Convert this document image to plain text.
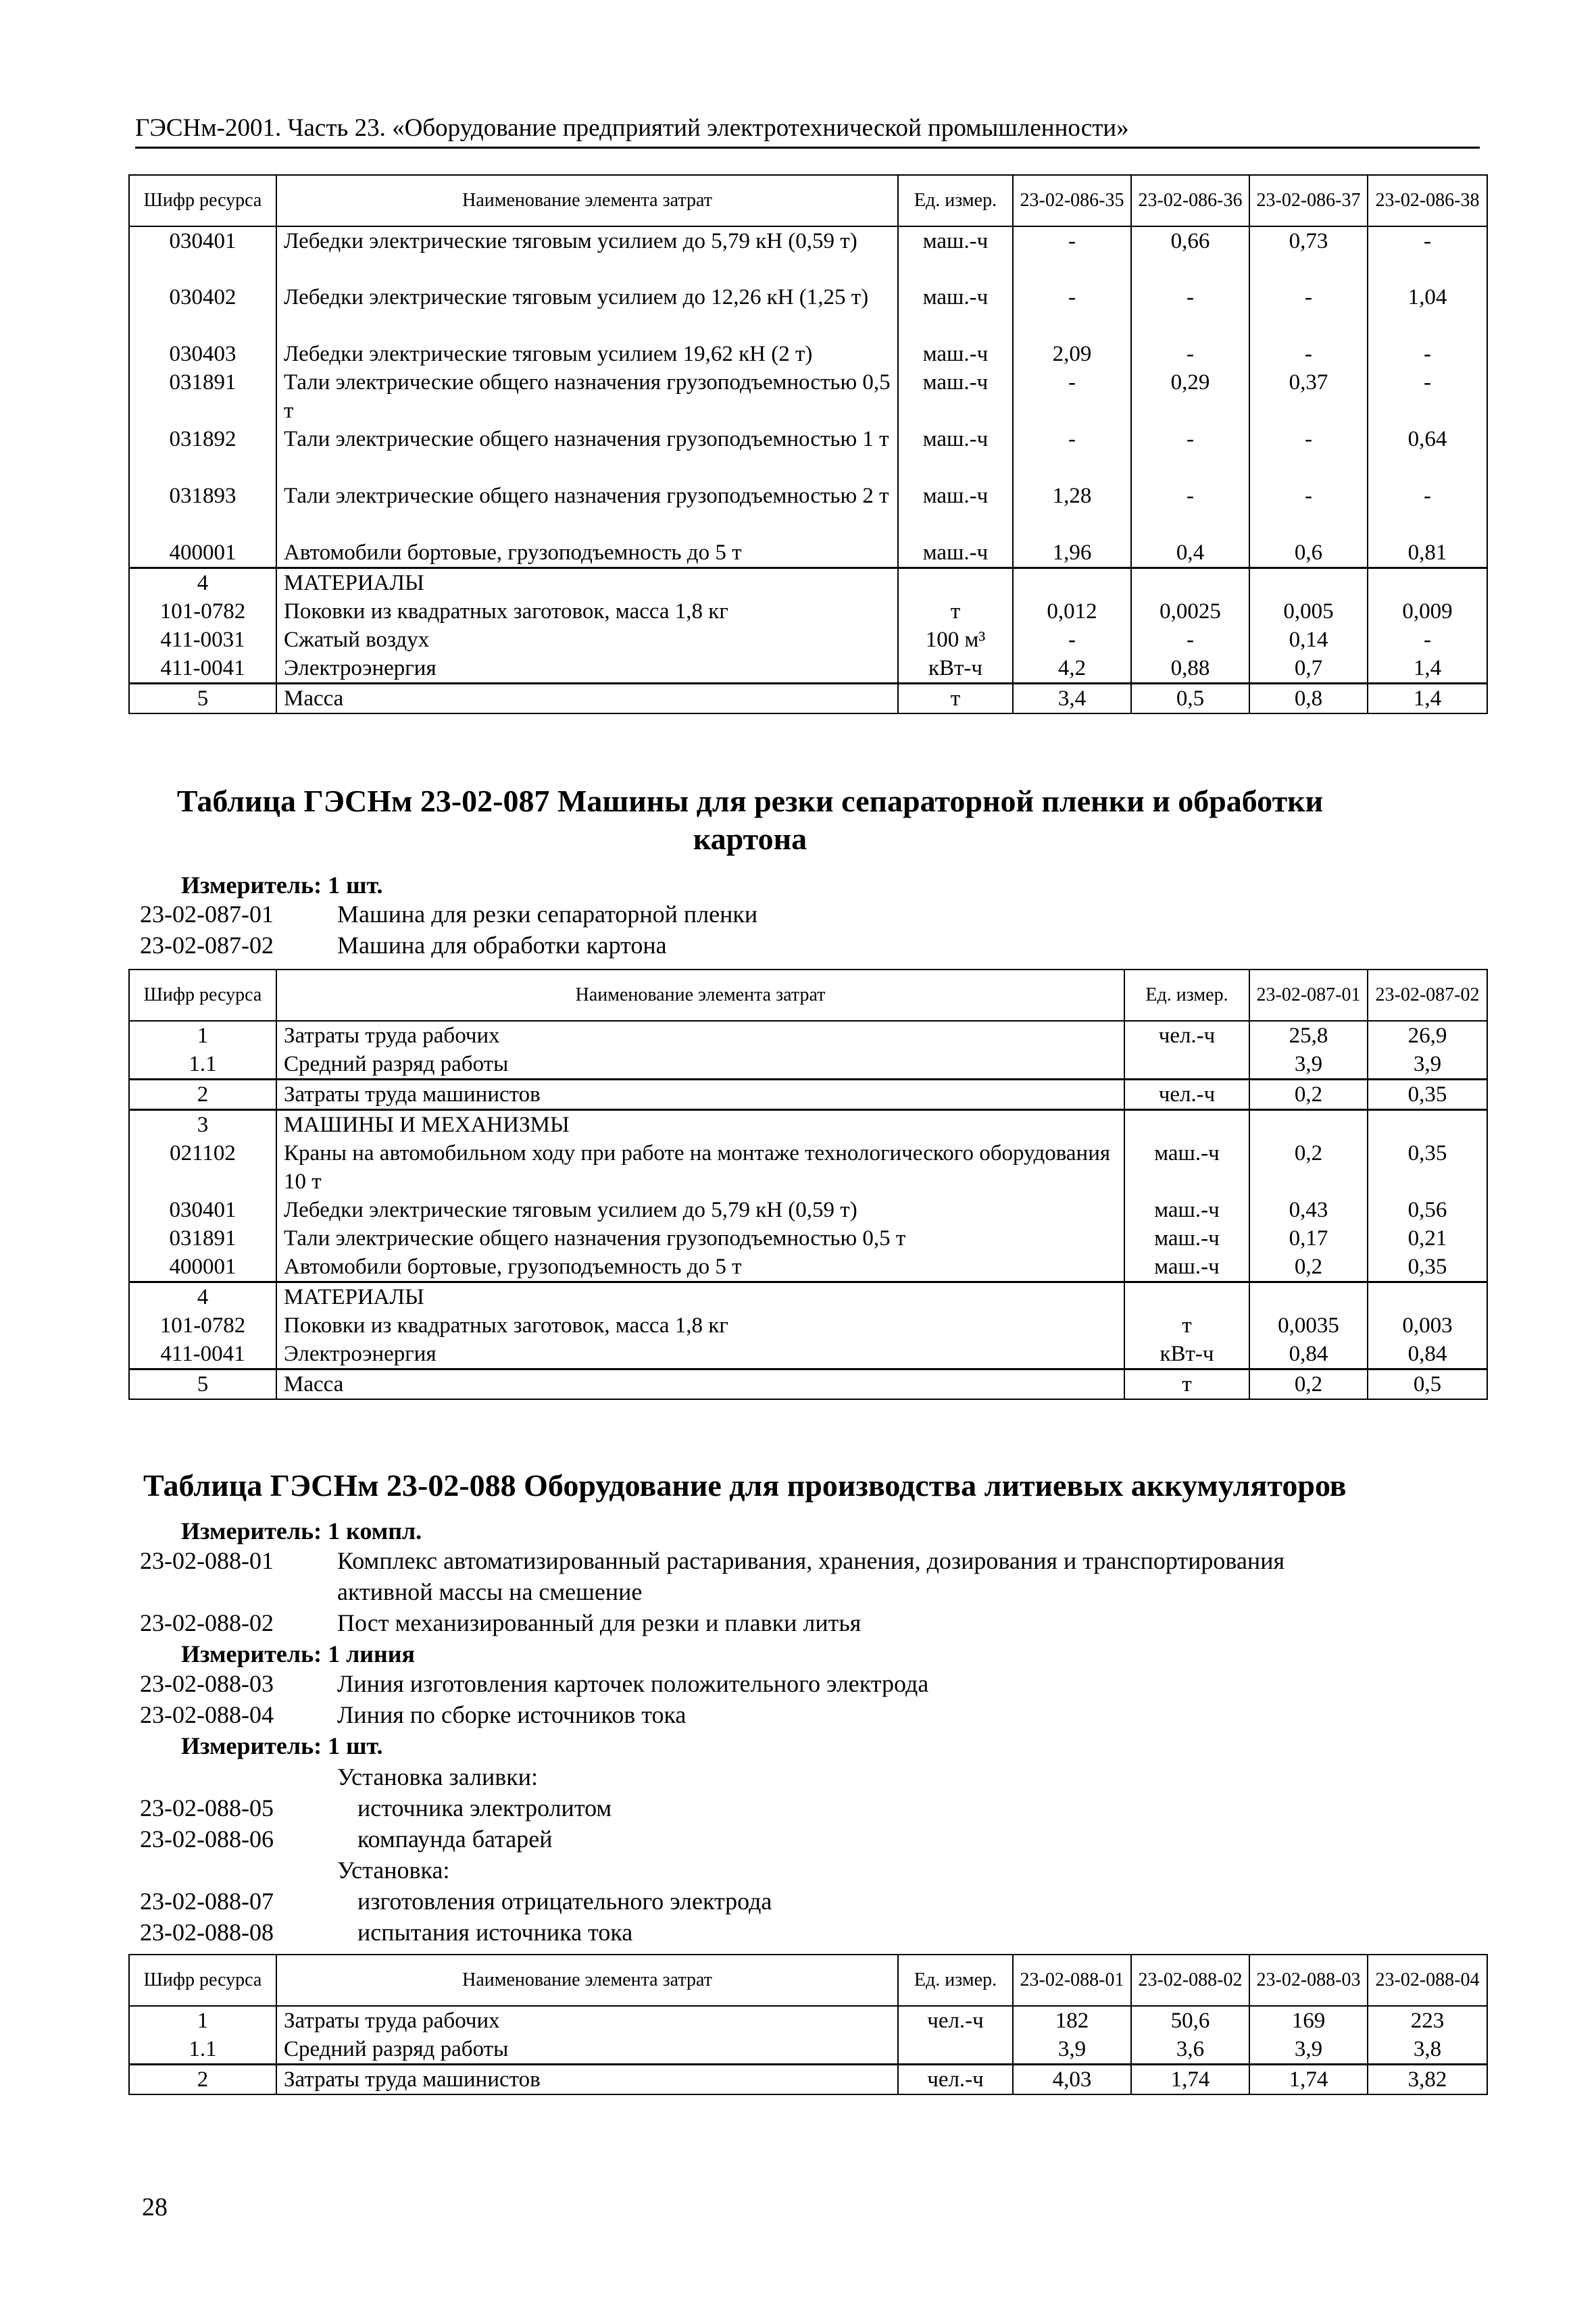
ГЭСНм-2001. Часть 23. «Оборудование предприятий электротехнической промышленности»
Шифр ресурса	Наименование элемента затрат	Ед. измер.	23-02-086-35	23-02-086-36	23-02-086-37	23-02-086-38
030401	Лебедки электрические тяговым усилием до 5,79 кН (0,59 т)	маш.-ч	-	0,66	0,73	-
030402	Лебедки электрические тяговым усилием до 12,26 кН (1,25 т)	маш.-ч	-	-	-	1,04
030403	Лебедки электрические тяговым усилием 19,62 кН (2 т)	маш.-ч	2,09	-	-	-
031891	Тали электрические общего назначения грузоподъемностью 0,5 т	маш.-ч	-	0,29	0,37	-
031892	Тали электрические общего назначения грузоподъемностью 1 т	маш.-ч	-	-	-	0,64
031893	Тали электрические общего назначения грузоподъемностью 2 т	маш.-ч	1,28	-	-	-
400001	Автомобили бортовые, грузоподъемность до 5 т	маш.-ч	1,96	0,4	0,6	0,81
4	МАТЕРИАЛЫ					
101-0782	Поковки из квадратных заготовок, масса 1,8 кг	т	0,012	0,0025	0,005	0,009
411-0031	Сжатый воздух	100 м³	-	-	0,14	-
411-0041	Электроэнергия	кВт-ч	4,2	0,88	0,7	1,4
5	Масса	т	3,4	0,5	0,8	1,4
Таблица ГЭСНм 23-02-087 Машины для резки сепараторной пленки и обработки картона
Измеритель: 1 шт.
23-02-087-01	Машина для резки сепараторной пленки
23-02-087-02	Машина для обработки картона
Шифр ресурса	Наименование элемента затрат	Ед. измер.	23-02-087-01	23-02-087-02
1	Затраты труда рабочих	чел.-ч	25,8	26,9
1.1	Средний разряд работы		3,9	3,9
2	Затраты труда машинистов	чел.-ч	0,2	0,35
3	МАШИНЫ И МЕХАНИЗМЫ			
021102	Краны на автомобильном ходу при работе на монтаже технологического оборудования 10 т	маш.-ч	0,2	0,35
030401	Лебедки электрические тяговым усилием до 5,79 кН (0,59 т)	маш.-ч	0,43	0,56
031891	Тали электрические общего назначения грузоподъемностью 0,5 т	маш.-ч	0,17	0,21
400001	Автомобили бортовые, грузоподъемность до 5 т	маш.-ч	0,2	0,35
4	МАТЕРИАЛЫ			
101-0782	Поковки из квадратных заготовок, масса 1,8 кг	т	0,0035	0,003
411-0041	Электроэнергия	кВт-ч	0,84	0,84
5	Масса	т	0,2	0,5
Таблица ГЭСНм 23-02-088 Оборудование для производства литиевых аккумуляторов
Измеритель: 1 компл.
23-02-088-01	Комплекс автоматизированный растаривания, хранения, дозирования и транспортирования
активной массы на смешение
23-02-088-02	Пост механизированный для резки и плавки литья
Измеритель: 1 линия
23-02-088-03	Линия изготовления карточек положительного электрода
23-02-088-04	Линия по сборке источников тока
Измеритель: 1 шт.
Установка заливки:
23-02-088-05	источника электролитом
23-02-088-06	компаунда батарей
Установка:
23-02-088-07	изготовления отрицательного электрода
23-02-088-08	испытания источника тока
Шифр ресурса	Наименование элемента затрат	Ед. измер.	23-02-088-01	23-02-088-02	23-02-088-03	23-02-088-04
1	Затраты труда рабочих	чел.-ч	182	50,6	169	223
1.1	Средний разряд работы		3,9	3,6	3,9	3,8
2	Затраты труда машинистов	чел.-ч	4,03	1,74	1,74	3,82
28
